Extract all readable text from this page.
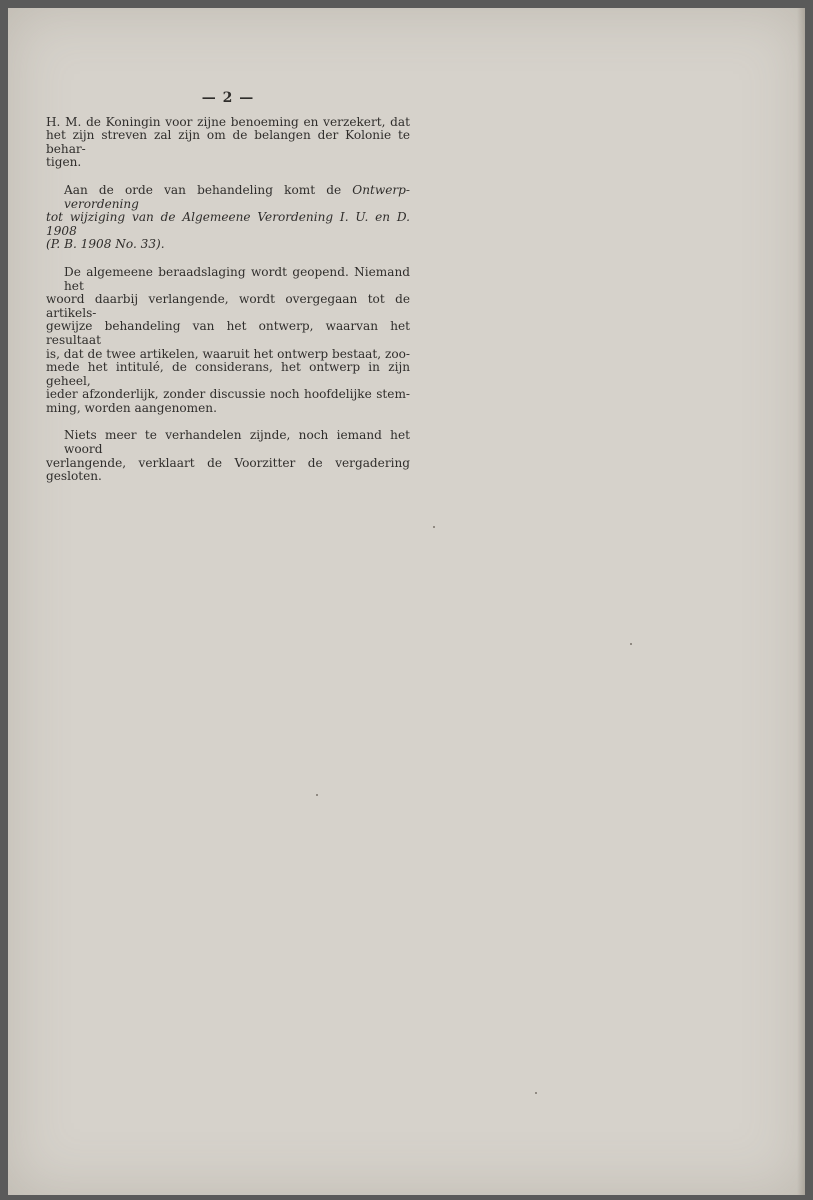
— 2 —
H. M. de Koningin voor zijne benoeming en verzekert, dat
het zijn streven zal zijn om de belangen der Kolonie te behar-
tigen.
Aan de orde van behandeling komt de Ontwerp-verordening
tot wijziging van de Algemeene Verordening I. U. en D. 1908
(P. B. 1908 No. 33).
De algemeene beraadslaging wordt geopend. Niemand het
woord daarbij verlangende, wordt overgegaan tot de artikels-
gewijze behandeling van het ontwerp, waarvan het resultaat
is, dat de twee artikelen, waaruit het ontwerp bestaat, zoo-
mede het intitulé, de considerans, het ontwerp in zijn geheel,
ieder afzonderlijk, zonder discussie noch hoofdelijke stem-
ming, worden aangenomen.
Niets meer te verhandelen zijnde, noch iemand het woord
verlangende, verklaart de Voorzitter de vergadering gesloten.
